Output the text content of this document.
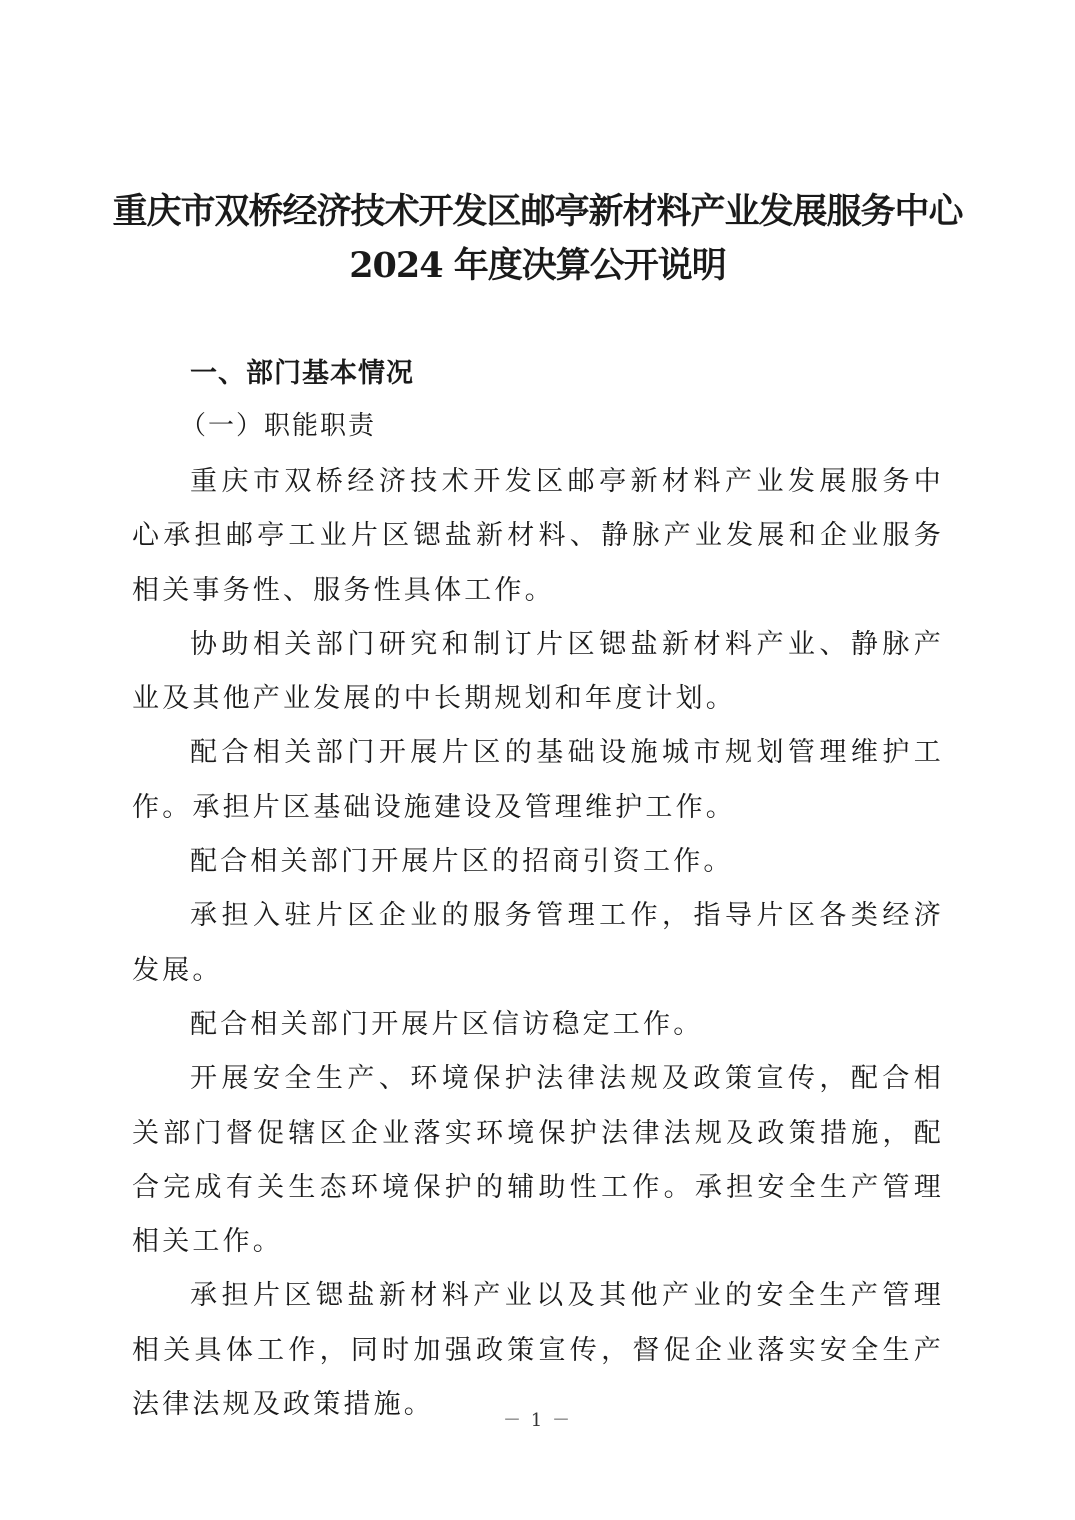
重庆市双桥经济技术开发区邮亭新材料产业发展服务中心
2024 年度决算公开说明
一、部门基本情况
（一）职能职责

重庆市双桥经济技术开发区邮亭新材料产业发展服务中心承担邮亭工业片区锶盐新材料、静脉产业发展和企业服务相关事务性、服务性具体工作。

协助相关部门研究和制订片区锶盐新材料产业、静脉产业及其他产业发展的中长期规划和年度计划。

配合相关部门开展片区的基础设施城市规划管理维护工作。承担片区基础设施建设及管理维护工作。

配合相关部门开展片区的招商引资工作。

承担入驻片区企业的服务管理工作，指导片区各类经济发展。

配合相关部门开展片区信访稳定工作。

开展安全生产、环境保护法律法规及政策宣传，配合相关部门督促辖区企业落实环境保护法律法规及政策措施，配合完成有关生态环境保护的辅助性工作。承担安全生产管理相关工作。

承担片区锶盐新材料产业以及其他产业的安全生产管理相关具体工作，同时加强政策宣传，督促企业落实安全生产法律法规及政策措施。

－ 1 －
